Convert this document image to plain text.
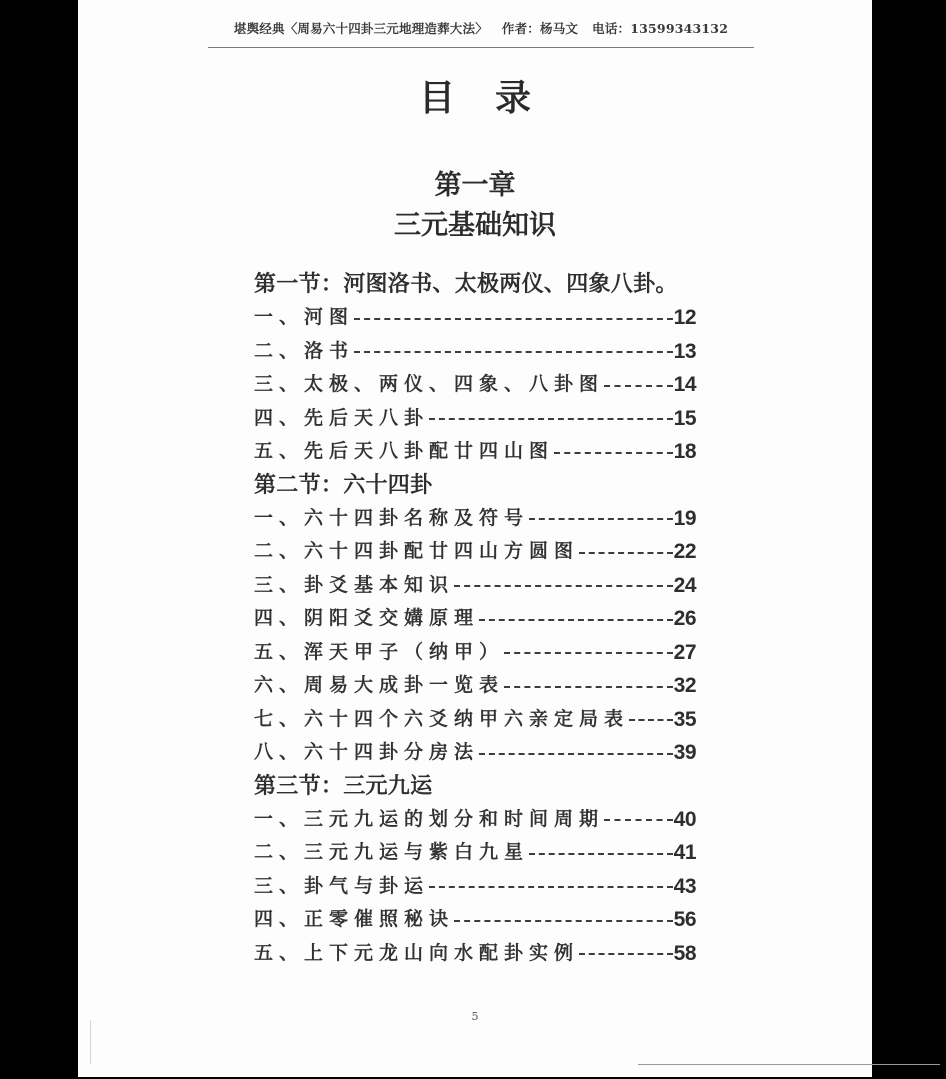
堪舆经典〈周易六十四卦三元地理造葬大法〉 作者：杨马文 电话：13599343132
目录
第一章
三元基础知识
第一节：河图洛书、太极两仪、四象八卦。
一、 河图	12
二、 洛书	13
三、 太极、两仪、四象、八卦图	14
四、 先后天八卦	15
五、 先后天八卦配廿四山图	18
第二节：六十四卦
一、 六十四卦名称及符号	19
二、 六十四卦配廿四山方圆图	22
三、 卦爻基本知识	24
四、 阴阳爻交媾原理	26
五、 浑天甲子（纳甲）	27
六、 周易大成卦一览表	32
七、 六十四个六爻纳甲六亲定局表 35
八、 六十四卦分房法	39
第三节：三元九运
一、 三元九运的划分和时间周期	40
二、 三元九运与紫白九星	41
三、 卦气与卦运	43
四、 正零催照秘诀	56
五、 上下元龙山向水配卦实例	58
5
